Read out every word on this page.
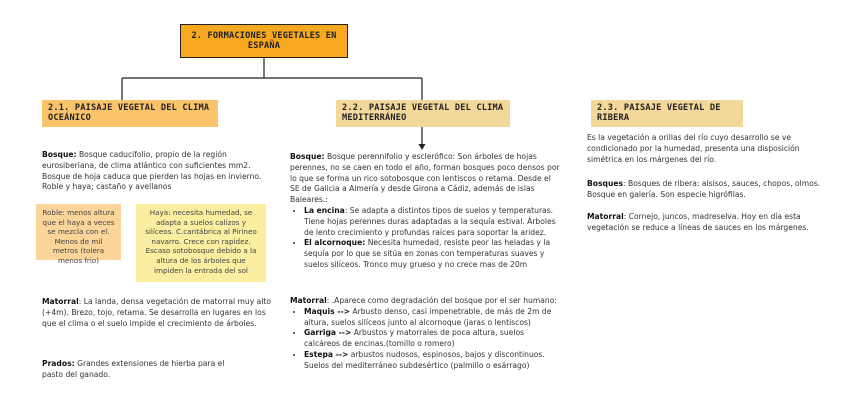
2. FORMACIONES VEGETALES EN ESPAÑA
2.1. PAISAJE VEGETAL DEL CLIMA OCEÁNICO
2.2. PAISAJE VEGETAL DEL CLIMA MEDITERRÁNEO
2.3. PAISAJE VEGETAL DE RIBERA
Bosque: Bosque caducifolio, propio de la región eurosiberiana, de clima atlántico con suficientes mm2. Bosque de hoja caduca que pierden las hojas en invierno. Roble y haya; castaño y avellanos
Roble: menos altura que el haya a veces se mezcla con el. Menos de mil metros (tolera menos frio)
Haya: necesita humedad, se adapta a suelos calizos y silíceos. C.cantábrica al Pirineo navarro. Crece con rapidez. Escaso sotobosque debido a la altura de los árboles que impiden la entrada del sol
Matorral: La landa, densa vegetación de matorral muy alto (+4m). Brezo, tojo, retama. Se desarrolla en lugares en los que el clima o el suelo impide el crecimiento de árboles.
Prados: Grandes extensiones de hierba para el pasto del ganado.
Bosque: Bosque perennifolio y esclerófico: Son árboles de hojas perennes, no se caen en todo el año, forman bosques poco densos por lo que se forma un rico sotobosque con lentiscos o retama. Desde el SE de Galicia a Almería y desde Girona a Cádiz, además de islas Baleares.:
• La encina: Se adapta a distintos tipos de suelos y temperaturas. Tiene hojas perennes duras adaptadas a la sequía estival. Árboles de lento crecimiento y profundas raíces para soportar la aridez.
• El alcornoque: Necesita humedad, resiste peor las heladas y la sequía por lo que se sitúa en zonas con temperaturas suaves y suelos silíceos. Tronco muy grueso y no crece mas de 20m
Matorral: .Aparece como degradación del bosque por el ser humano:
• Maquis --> Arbusto denso, casi impenetrable, de más de 2m de altura, suelos silíceos junto al alcornoque (jaras o lentiscos)
• Garriga --> Arbustos y matorrales de poca altura, suelos calcáreos de encinas.(tomillo o romero)
• Estepa --> arbustos nudosos, espinosos, bajos y discontinuos. Suelos del mediterráneo subdesértico (palmillo o esárrago)
Es la vegetación a orillas del río cuyo desarrollo se ve condicionado por la humedad, presenta una disposición simétrica en los márgenes del río.
Bosques: Bosques de ribera: alsisos, sauces, chopos, olmos. Bosque en galería. Son especie higrófilas.
Matorral: Cornejo, juncos, madreselva. Hoy en día esta vegetación se reduce a líneas de sauces en los márgenes.
